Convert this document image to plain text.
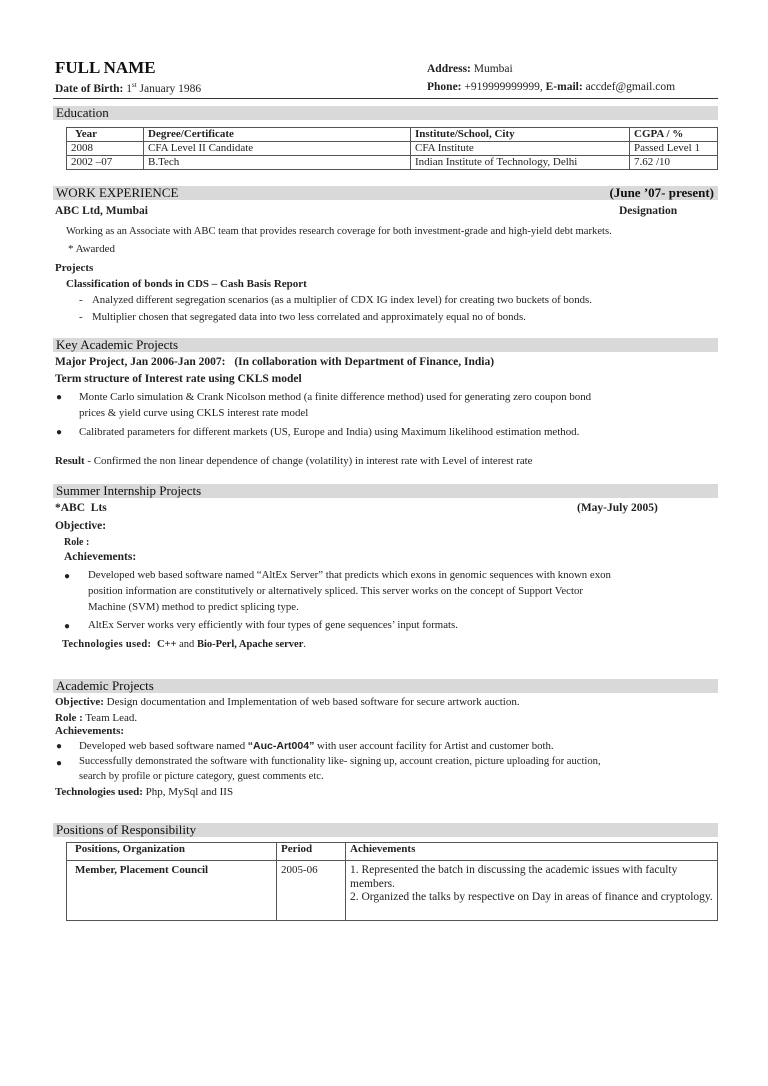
FULL NAME
Date of Birth: 1st January 1986
Address: Mumbai
Phone: +919999999999, E-mail: accdef@gmail.com
Education
Year	Degree/Certificate	Institute/School, City	CGPA / %
2008	CFA Level II Candidate	CFA Institute	Passed Level 1
2002 –07	B.Tech	Indian Institute of Technology, Delhi	7.62 /10
WORK EXPERIENCE	(June ’07- present)
ABC Ltd, Mumbai	Designation
Working as an Associate with ABC team that provides research coverage for both investment-grade and high-yield debt markets.
* Awarded
Projects
Classification of bonds in CDS – Cash Basis Report
- Analyzed different segregation scenarios (as a multiplier of CDX IG index level) for creating two buckets of bonds.
- Multiplier chosen that segregated data into two less correlated and approximately equal no of bonds.
Key Academic Projects
Major Project, Jan 2006-Jan 2007: (In collaboration with Department of Finance, India)
Term structure of Interest rate using CKLS model
● Monte Carlo simulation & Crank Nicolson method (a finite difference method) used for generating zero coupon bond
prices & yield curve using CKLS interest rate model
● Calibrated parameters for different markets (US, Europe and India) using Maximum likelihood estimation method.
Result - Confirmed the non linear dependence of change (volatility) in interest rate with Level of interest rate
Summer Internship Projects
*ABC  Lts	(May-July 2005)
Objective:
Role :
Achievements:
● Developed web based software named “AltEx Server” that predicts which exons in genomic sequences with known exon
position information are constitutively or alternatively spliced. This server works on the concept of Support Vector
Machine (SVM) method to predict splicing type.
● AltEx Server works very efficiently with four types of gene sequences’ input formats.
Technologies used: C++ and Bio-Perl, Apache server.
Academic Projects
Objective: Design documentation and Implementation of web based software for secure artwork auction.
Role : Team Lead.
Achievements:
● Developed web based software named “Auc-Art004” with user account facility for Artist and customer both.
● Successfully demonstrated the software with functionality like- signing up, account creation, picture uploading for auction,
search by profile or picture category, guest comments etc.
Technologies used: Php, MySql and IIS
Positions of Responsibility
Positions, Organization	Period	Achievements
Member, Placement Council	2005-06	1. Represented the batch in discussing the academic issues with faculty members.
2. Organized the talks by respective on Day in areas of finance and cryptology.
